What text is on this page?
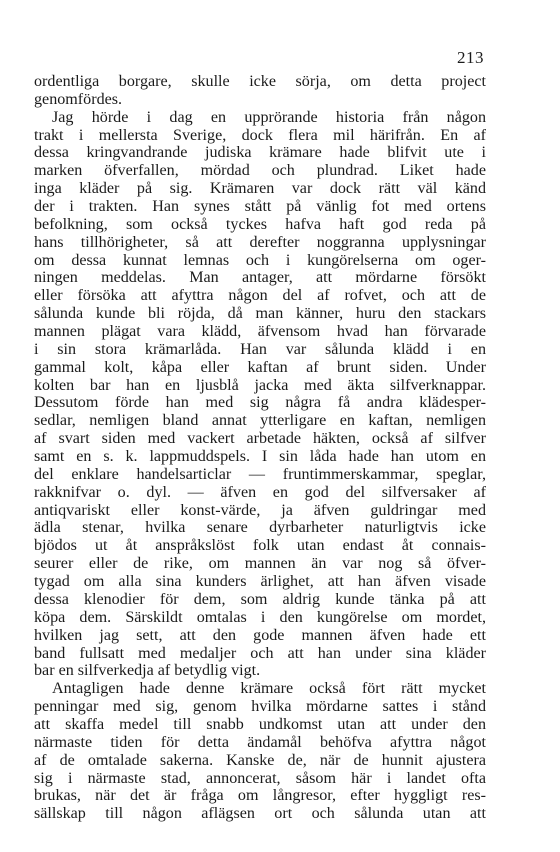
213
ordentliga borgare, skulle icke sörja, om detta project
genomfördes.
Jag hörde i dag en upprörande historia från någon
trakt i mellersta Sverige, dock flera mil härifrån. En af
dessa kringvandrande judiska krämare hade blifvit ute i
marken öfverfallen, mördad och plundrad. Liket hade
inga kläder på sig. Krämaren var dock rätt väl känd
der i trakten. Han synes stått på vänlig fot med ortens
befolkning, som också tyckes hafva haft god reda på
hans tillhörigheter, så att derefter noggranna upplysningar
om dessa kunnat lemnas och i kungörelserna om oger-
ningen meddelas. Man antager, att mördarne försökt
eller försöka att afyttra någon del af rofvet, och att de
sålunda kunde bli röjda, då man känner, huru den stackars
mannen plägat vara klädd, äfvensom hvad han förvarade
i sin stora krämarlåda. Han var sålunda klädd i en
gammal kolt, kåpa eller kaftan af brunt siden. Under
kolten bar han en ljusblå jacka med äkta silfverknappar.
Dessutom förde han med sig några få andra klädesper-
sedlar, nemligen bland annat ytterligare en kaftan, nemligen
af svart siden med vackert arbetade häkten, också af silfver
samt en s. k. lappmuddspels. I sin låda hade han utom en
del enklare handelsarticlar — fruntimmerskammar, speglar,
rakknifvar o. dyl. — äfven en god del silfversaker af
antiqvariskt eller konst-värde, ja äfven guldringar med
ädla stenar, hvilka senare dyrbarheter naturligtvis icke
bjödos ut åt anspråkslöst folk utan endast åt connais-
seurer eller de rike, om mannen än var nog så öfver-
tygad om alla sina kunders ärlighet, att han äfven visade
dessa klenodier för dem, som aldrig kunde tänka på att
köpa dem. Särskildt omtalas i den kungörelse om mordet,
hvilken jag sett, att den gode mannen äfven hade ett
band fullsatt med medaljer och att han under sina kläder
bar en silfverkedja af betydlig vigt.
Antagligen hade denne krämare också fört rätt mycket
penningar med sig, genom hvilka mördarne sattes i stånd
att skaffa medel till snabb undkomst utan att under den
närmaste tiden för detta ändamål behöfva afyttra något
af de omtalade sakerna. Kanske de, när de hunnit ajustera
sig i närmaste stad, annoncerat, såsom här i landet ofta
brukas, när det är fråga om långresor, efter hyggligt res-
sällskap till någon aflägsen ort och sålunda utan att
